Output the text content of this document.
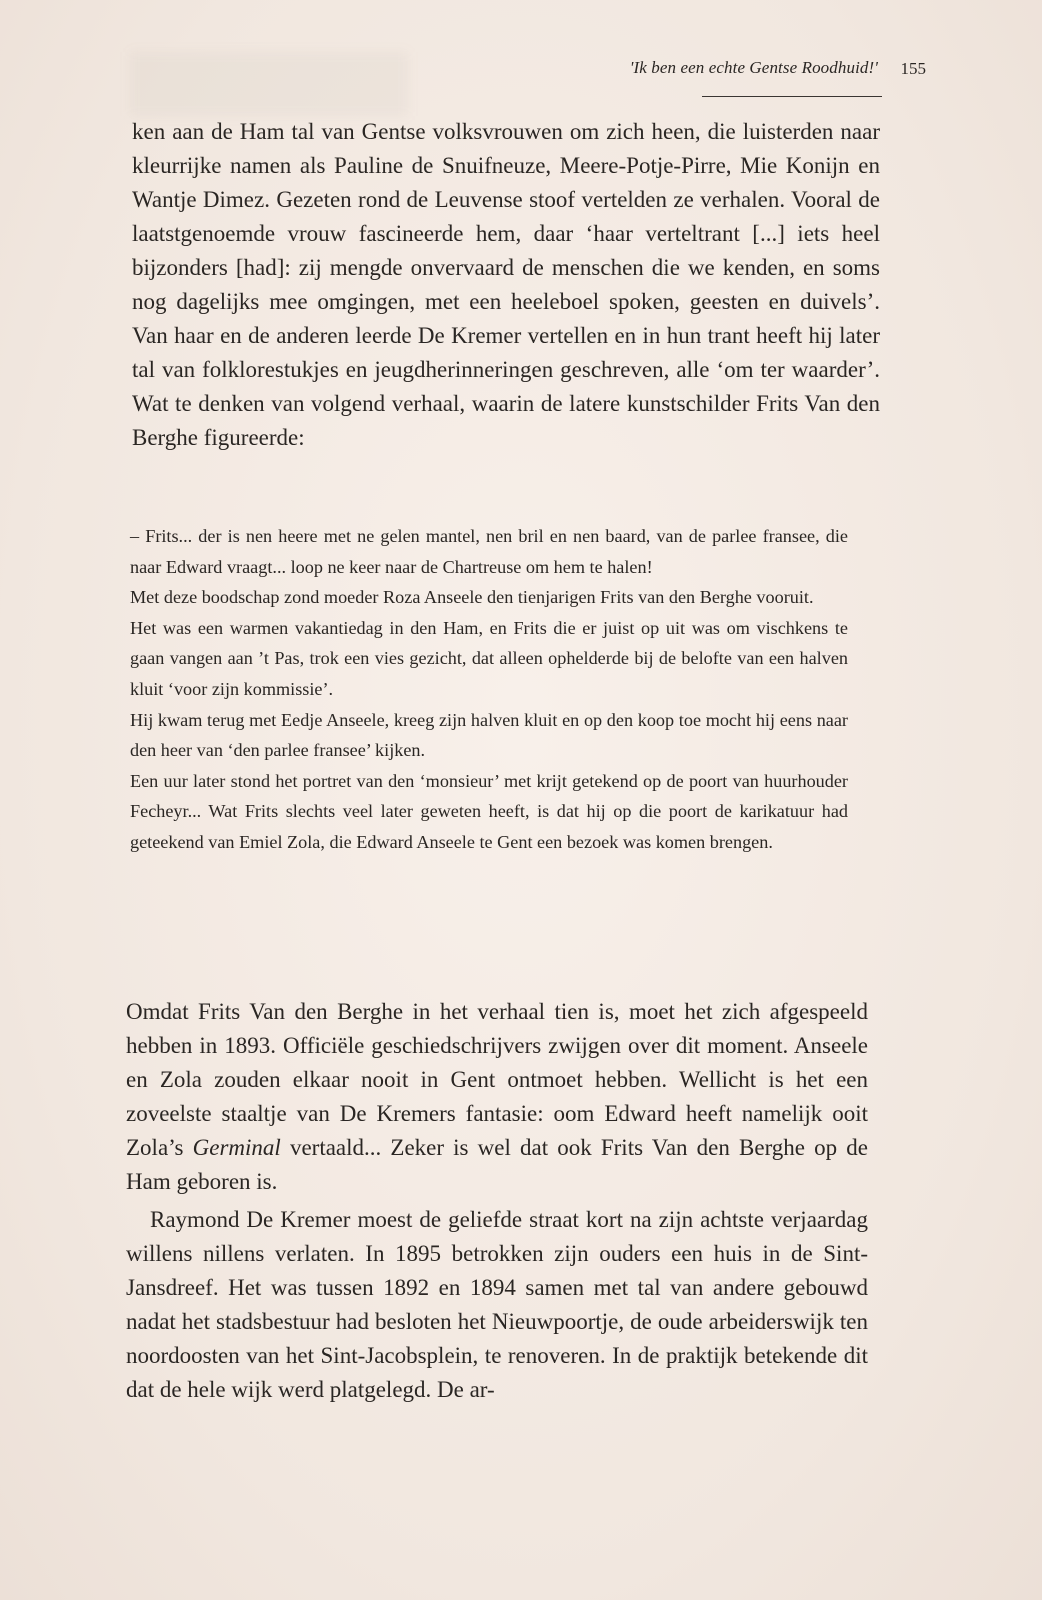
'Ik ben een echte Gentse Roodhuid!' 155

ken aan de Ham tal van Gentse volksvrouwen om zich heen, die luisterden naar kleurrijke namen als Pauline de Snuifneuze, Meere-Potje-Pirre, Mie Konijn en Wantje Dimez. Gezeten rond de Leuvense stoof vertelden ze verhalen. Vooral de laatstgenoemde vrouw fascineerde hem, daar ‘haar verteltrant [...] iets heel bijzonders [had]: zij mengde onvervaard de menschen die we kenden, en soms nog dagelijks mee omgingen, met een heeleboel spoken, geesten en duivels’. Van haar en de anderen leerde De Kremer vertellen en in hun trant heeft hij later tal van folklorestukjes en jeugdherinneringen geschreven, alle ‘om ter waarder’. Wat te denken van volgend verhaal, waarin de latere kunstschilder Frits Van den Berghe figureerde:

– Frits... der is nen heere met ne gelen mantel, nen bril en nen baard, van de parlee fransee, die naar Edward vraagt... loop ne keer naar de Chartreuse om hem te halen!

Met deze boodschap zond moeder Roza Anseele den tienjarigen Frits van den Berghe vooruit.

Het was een warmen vakantiedag in den Ham, en Frits die er juist op uit was om vischkens te gaan vangen aan ’t Pas, trok een vies gezicht, dat alleen ophelderde bij de belofte van een halven kluit ‘voor zijn kommissie’.

Hij kwam terug met Eedje Anseele, kreeg zijn halven kluit en op den koop toe mocht hij eens naar den heer van ‘den parlee fransee’ kijken.

Een uur later stond het portret van den ‘monsieur’ met krijt getekend op de poort van huurhouder Fecheyr... Wat Frits slechts veel later geweten heeft, is dat hij op die poort de karikatuur had geteekend van Emiel Zola, die Edward Anseele te Gent een bezoek was komen brengen.

Omdat Frits Van den Berghe in het verhaal tien is, moet het zich afgespeeld hebben in 1893. Officiële geschiedschrijvers zwijgen over dit moment. Anseele en Zola zouden elkaar nooit in Gent ontmoet hebben. Wellicht is het een zoveelste staaltje van De Kremers fantasie: oom Edward heeft namelijk ooit Zola’s Germinal vertaald... Zeker is wel dat ook Frits Van den Berghe op de Ham geboren is.

Raymond De Kremer moest de geliefde straat kort na zijn achtste verjaardag willens nillens verlaten. In 1895 betrokken zijn ouders een huis in de Sint-Jansdreef. Het was tussen 1892 en 1894 samen met tal van andere gebouwd nadat het stadsbestuur had besloten het Nieuwpoortje, de oude arbeiderswijk ten noordoosten van het Sint-Jacobsplein, te renoveren. In de praktijk betekende dit dat de hele wijk werd platgelegd. De ar-
